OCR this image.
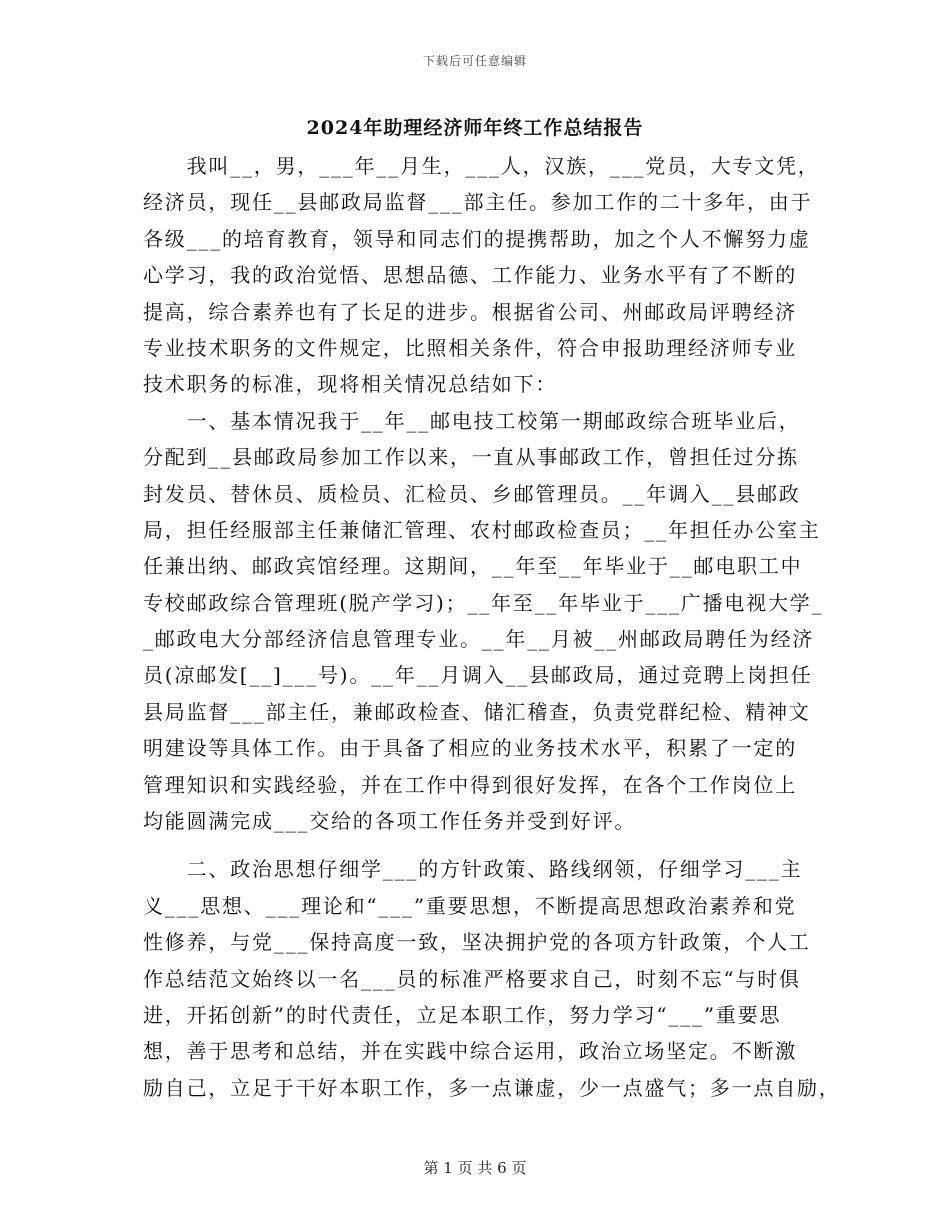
下载后可任意编辑
2024年助理经济师年终工作总结报告
　　我叫__，男，___年__月生，___人，汉族，___党员，大专文凭，
经济员，现任__县邮政局监督___部主任。参加工作的二十多年，由于
各级___的培育教育，领导和同志们的提携帮助，加之个人不懈努力虚
心学习，我的政治觉悟、思想品德、工作能力、业务水平有了不断的
提高，综合素养也有了长足的进步。根据省公司、州邮政局评聘经济
专业技术职务的文件规定，比照相关条件，符合申报助理经济师专业
技术职务的标准，现将相关情况总结如下：
　　一、基本情况我于__年__邮电技工校第一期邮政综合班毕业后，
分配到__县邮政局参加工作以来，一直从事邮政工作，曾担任过分拣
封发员、替休员、质检员、汇检员、乡邮管理员。__年调入__县邮政
局，担任经服部主任兼储汇管理、农村邮政检查员；__年担任办公室主
任兼出纳、邮政宾馆经理。这期间，__年至__年毕业于__邮电职工中
专校邮政综合管理班(脱产学习)；__年至__年毕业于___广播电视大学_
_邮政电大分部经济信息管理专业。__年__月被__州邮政局聘任为经济
员(凉邮发[__]___号)。__年__月调入__县邮政局，通过竞聘上岗担任
县局监督___部主任，兼邮政检查、储汇稽查，负责党群纪检、精神文
明建设等具体工作。由于具备了相应的业务技术水平，积累了一定的
管理知识和实践经验，并在工作中得到很好发挥，在各个工作岗位上
均能圆满完成___交给的各项工作任务并受到好评。
　　二、政治思想仔细学___的方针政策、路线纲领，仔细学习___主
义___思想、___理论和“___”重要思想，不断提高思想政治素养和党
性修养，与党___保持高度一致，坚决拥护党的各项方针政策，个人工
作总结范文始终以一名___员的标准严格要求自己，时刻不忘“与时俱
进，开拓创新”的时代责任，立足本职工作，努力学习“___”重要思
想，善于思考和总结，并在实践中综合运用，政治立场坚定。不断激
励自己，立足于干好本职工作，多一点谦虚，少一点盛气；多一点自励，
第 1 页 共 6 页
